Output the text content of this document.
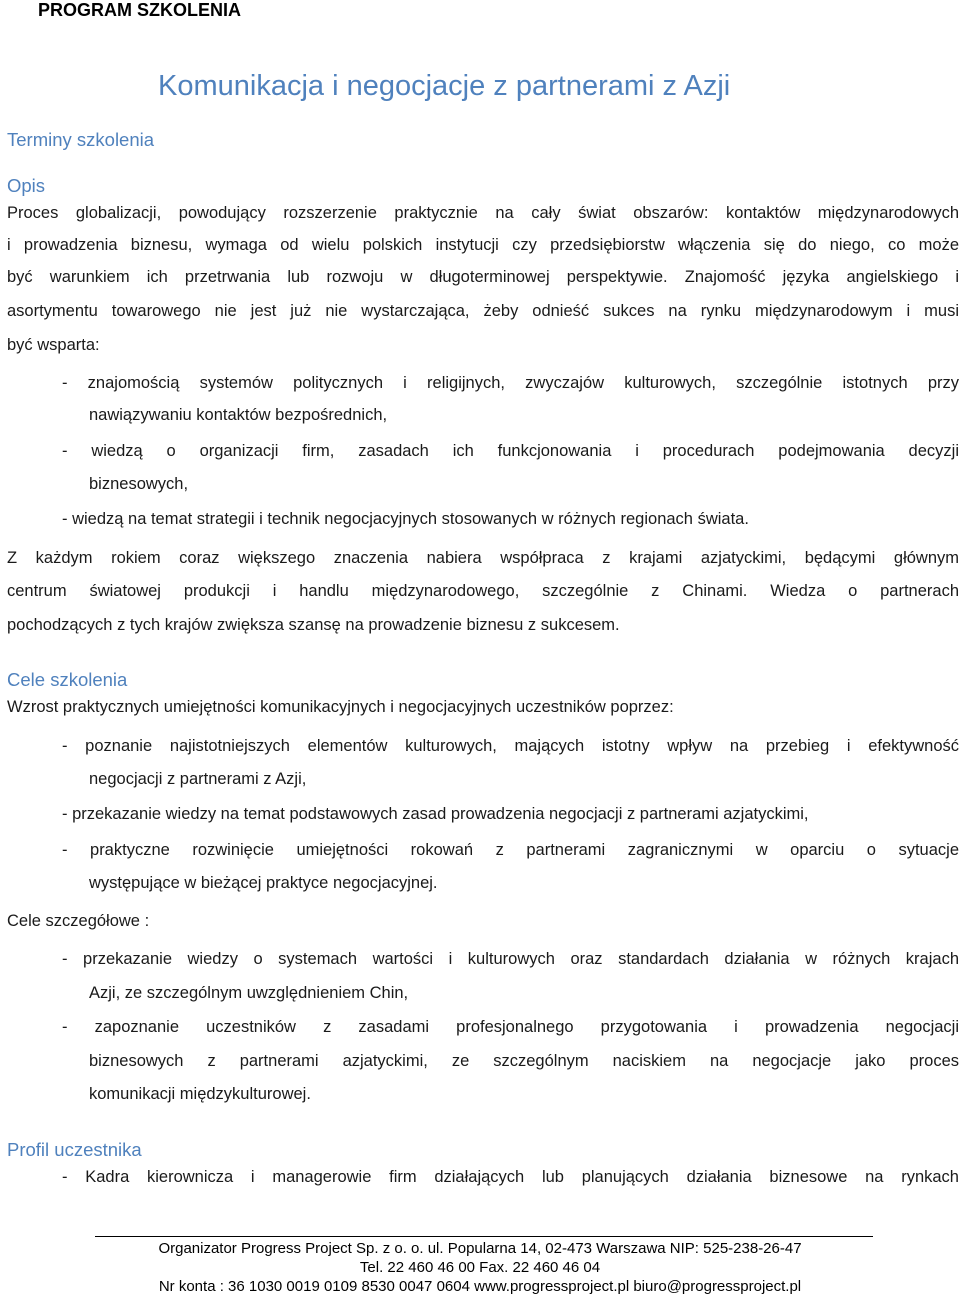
PROGRAM SZKOLENIA
Komunikacja i negocjacje z partnerami z Azji
Terminy szkolenia
Opis
Proces globalizacji, powodujący rozszerzenie praktycznie na cały świat obszarów: kontaktów międzynarodowych
i prowadzenia biznesu, wymaga od wielu polskich instytucji czy przedsiębiorstw włączenia się do niego, co może
być warunkiem ich przetrwania lub rozwoju w długoterminowej perspektywie. Znajomość języka angielskiego i
asortymentu towarowego nie jest już nie wystarczająca, żeby odnieść sukces na rynku międzynarodowym i musi
być wsparta:
- znajomością systemów politycznych i religijnych, zwyczajów kulturowych, szczególnie istotnych przy
nawiązywaniu kontaktów bezpośrednich,
- wiedzą o organizacji firm, zasadach ich funkcjonowania i procedurach podejmowania decyzji
biznesowych,
- wiedzą na temat strategii i technik negocjacyjnych stosowanych w różnych regionach świata.
Z każdym rokiem coraz większego znaczenia nabiera współpraca z krajami azjatyckimi, będącymi głównym
centrum światowej produkcji i handlu międzynarodowego, szczególnie z Chinami. Wiedza o partnerach
pochodzących z tych krajów zwiększa szansę na prowadzenie biznesu z sukcesem.
Cele szkolenia
Wzrost praktycznych umiejętności komunikacyjnych i negocjacyjnych uczestników poprzez:
- poznanie najistotniejszych elementów kulturowych, mających istotny wpływ na przebieg i efektywność
negocjacji z partnerami z Azji,
- przekazanie wiedzy na temat podstawowych zasad prowadzenia negocjacji z partnerami azjatyckimi,
- praktyczne rozwinięcie umiejętności rokowań z partnerami zagranicznymi w oparciu o sytuacje
występujące w bieżącej praktyce negocjacyjnej.
Cele szczegółowe :
- przekazanie wiedzy o systemach wartości i kulturowych oraz standardach działania w różnych krajach
Azji, ze szczególnym uwzględnieniem Chin,
- zapoznanie uczestników z zasadami profesjonalnego przygotowania i prowadzenia negocjacji
biznesowych z partnerami azjatyckimi, ze szczególnym naciskiem na negocjacje jako proces
komunikacji międzykulturowej.
Profil uczestnika
- Kadra kierownicza i managerowie firm działających lub planujących działania biznesowe na rynkach
Organizator Progress Project Sp. z o. o. ul. Popularna 14, 02-473 Warszawa NIP: 525-238-26-47
Tel. 22 460 46 00 Fax. 22 460 46 04
Nr konta : 36 1030 0019 0109 8530 0047 0604 www.progressproject.pl biuro@progressproject.pl
